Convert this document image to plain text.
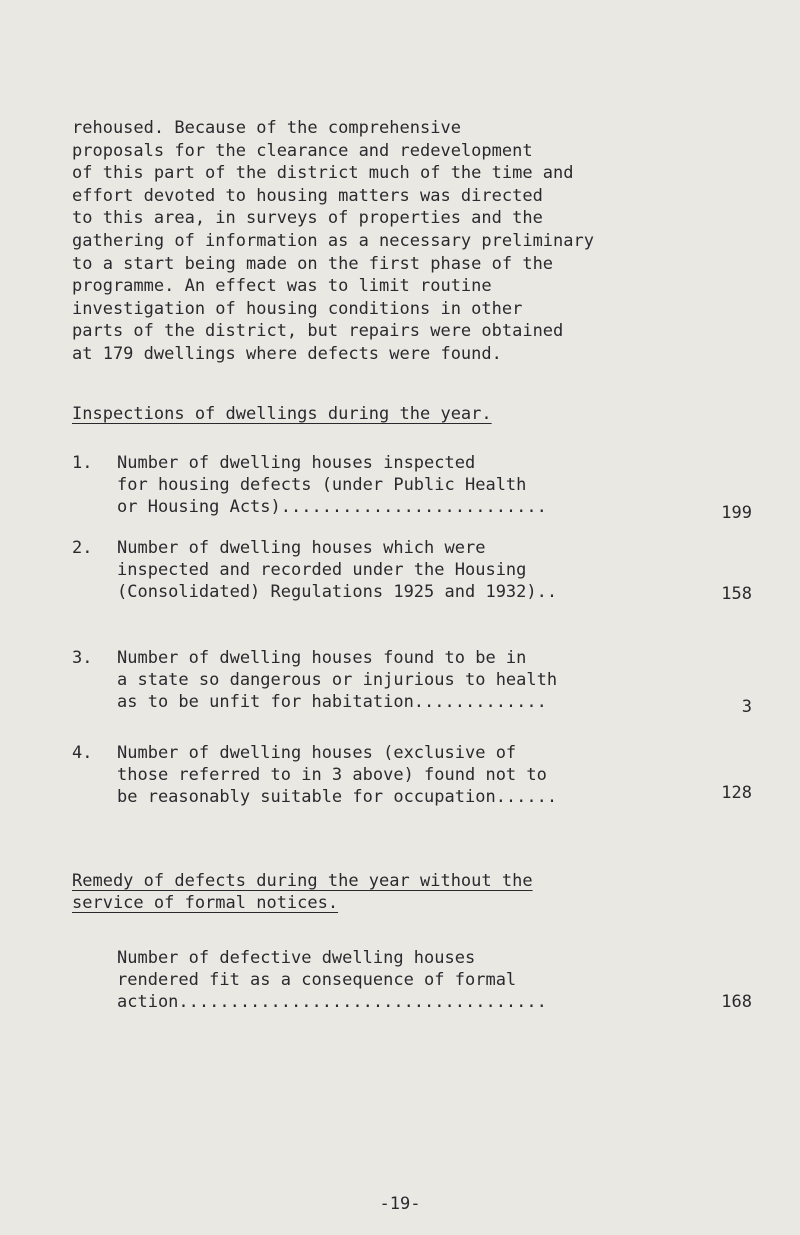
rehoused. Because of the comprehensive
proposals for the clearance and redevelopment
of this part of the district much of the time and
effort devoted to housing matters was directed
to this area, in surveys of properties and the
gathering of information as a necessary preliminary
to a start being made on the first phase of the
programme. An effect was to limit routine
investigation of housing conditions in other
parts of the district, but repairs were obtained
at 179 dwellings where defects were found.

Inspections of dwellings during the year.

1. Number of dwelling houses inspected
for housing defects (under Public Health
or Housing Acts)..........................	199
2. Number of dwelling houses which were
inspected and recorded under the Housing
(Consolidated) Regulations 1925 and 1932)..	158
3. Number of dwelling houses found to be in
a state so dangerous or injurious to health
as to be unfit for habitation.............	3
4. Number of dwelling houses (exclusive of
those referred to in 3 above) found not to
be reasonably suitable for occupation......	128

Remedy of defects during the year without the
service of formal notices.

Number of defective dwelling houses
rendered fit as a consequence of formal
action....................................	168
-19-
